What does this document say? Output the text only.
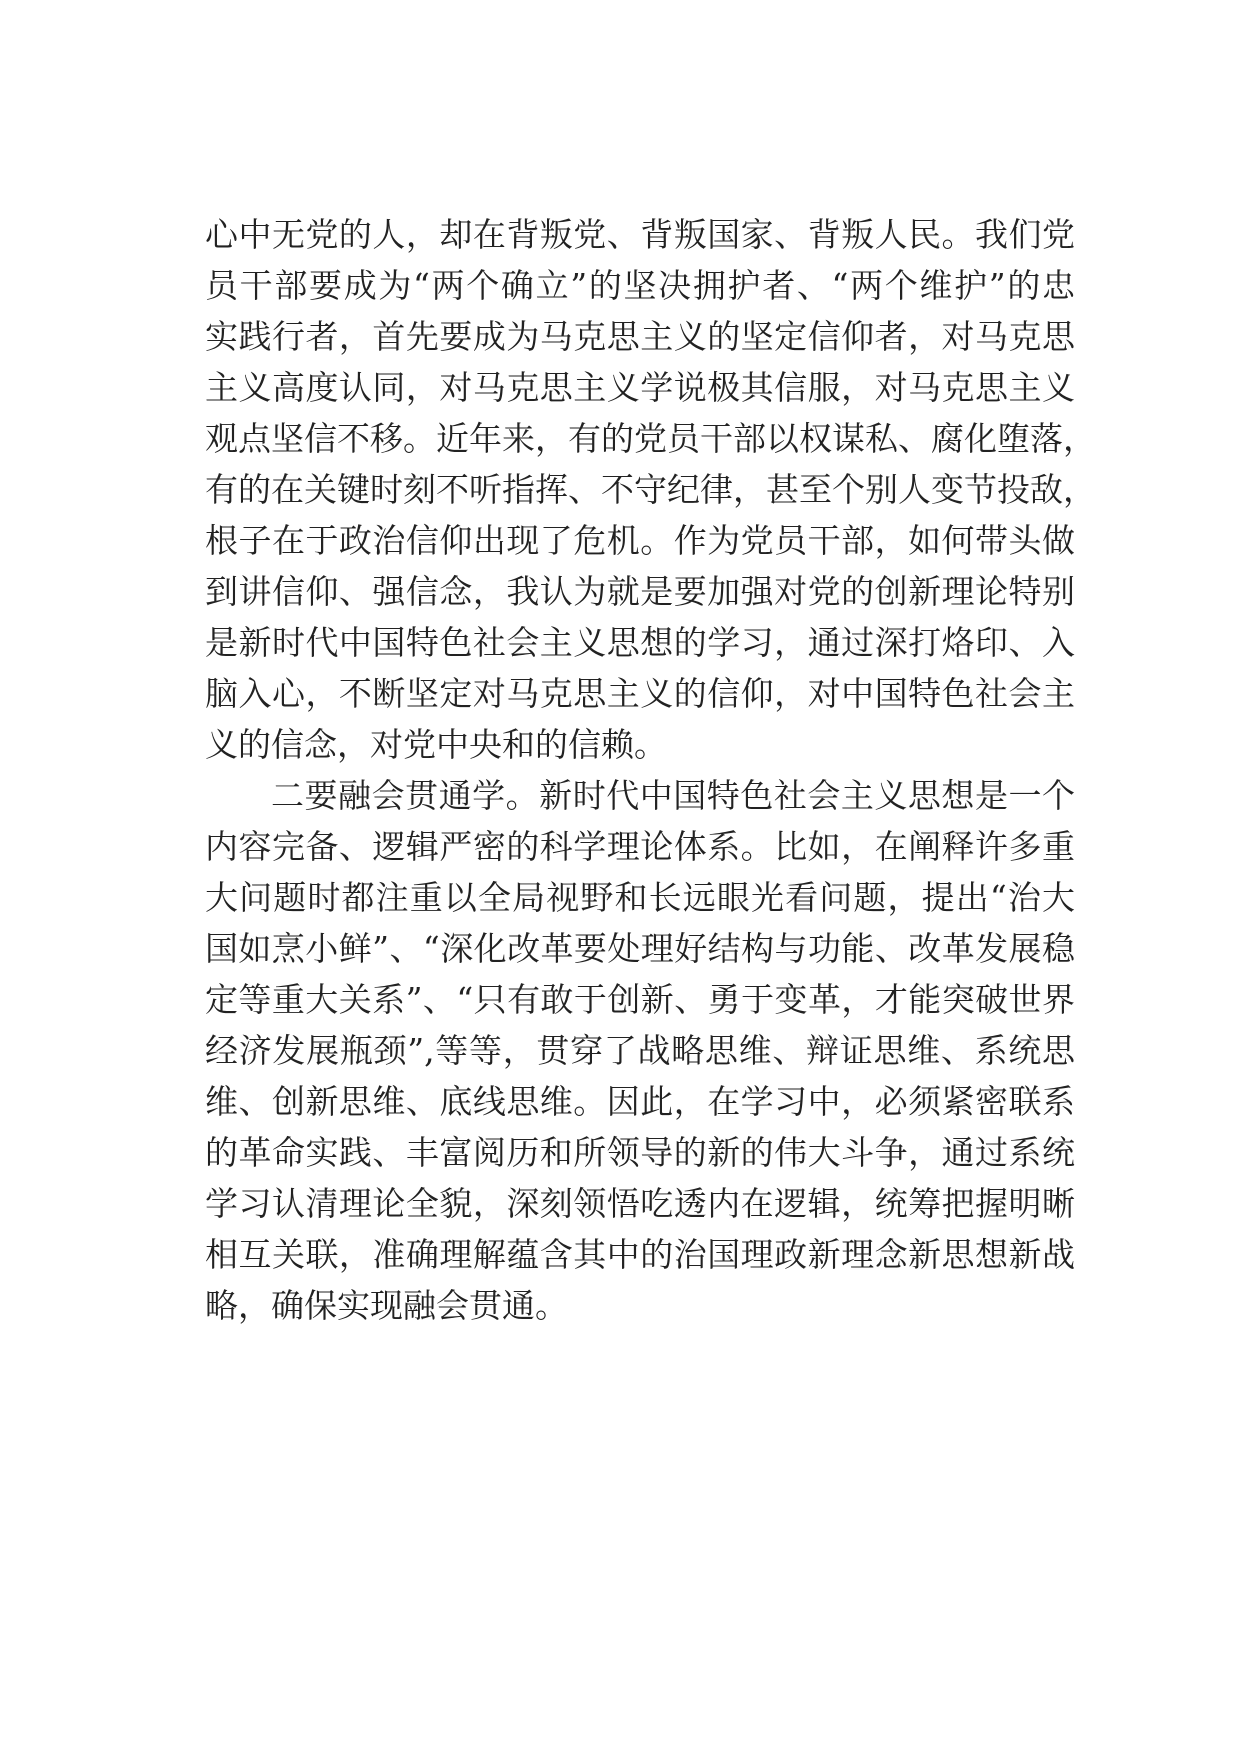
心中无党的人，却在背叛党、背叛国家、背叛人民。我们党
员干部要成为“两个确立”的坚决拥护者、“两个维护”的忠
实践行者，首先要成为马克思主义的坚定信仰者，对马克思
主义高度认同，对马克思主义学说极其信服，对马克思主义
观点坚信不移。近年来，有的党员干部以权谋私、腐化堕落，
有的在关键时刻不听指挥、不守纪律，甚至个别人变节投敌，
根子在于政治信仰出现了危机。作为党员干部，如何带头做
到讲信仰、强信念，我认为就是要加强对党的创新理论特别
是新时代中国特色社会主义思想的学习，通过深打烙印、入
脑入心，不断坚定对马克思主义的信仰，对中国特色社会主
义的信念，对党中央和的信赖。
二要融会贯通学。新时代中国特色社会主义思想是一个
内容完备、逻辑严密的科学理论体系。比如，在阐释许多重
大问题时都注重以全局视野和长远眼光看问题，提出“治大
国如烹小鲜”、“深化改革要处理好结构与功能、改革发展稳
定等重大关系”、“只有敢于创新、勇于变革，才能突破世界
经济发展瓶颈”,等等，贯穿了战略思维、辩证思维、系统思
维、创新思维、底线思维。因此，在学习中，必须紧密联系
的革命实践、丰富阅历和所领导的新的伟大斗争，通过系统
学习认清理论全貌，深刻领悟吃透内在逻辑，统筹把握明晰
相互关联，准确理解蕴含其中的治国理政新理念新思想新战
略，确保实现融会贯通。
